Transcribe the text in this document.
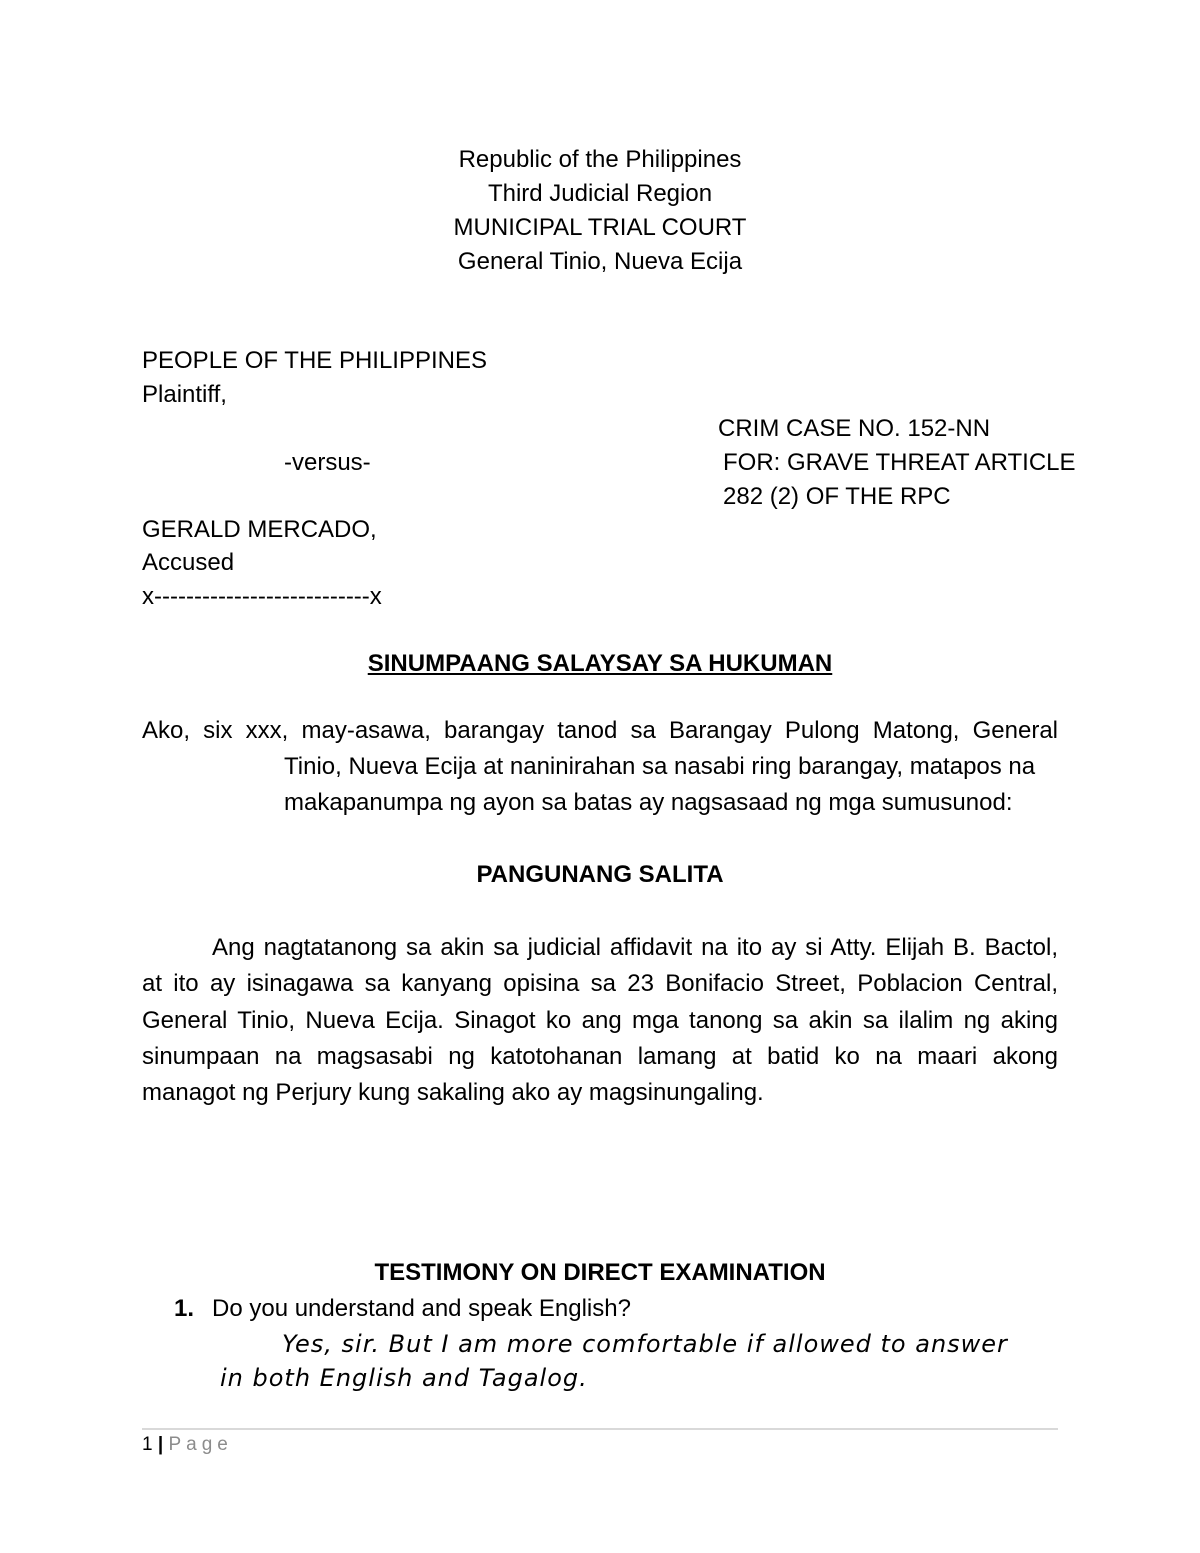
Republic of the Philippines

Third Judicial Region

MUNICIPAL TRIAL COURT

General Tinio, Nueva Ecija

PEOPLE OF THE PHILIPPINES

Plaintiff,

CRIM CASE NO. 152-NN

-versus-	FOR: GRAVE THREAT ARTICLE

282 (2) OF THE RPC

GERALD MERCADO,

Accused

x---------------------------x

SINUMPAANG SALAYSAY SA HUKUMAN

Ako, six xxx, may-asawa, barangay tanod sa Barangay Pulong Matong, General

Tinio, Nueva Ecija at naninirahan sa nasabi ring barangay, matapos na

makapanumpa ng ayon sa batas ay nagsasaad ng mga sumusunod:

PANGUNANG SALITA

Ang nagtatanong sa akin sa judicial affidavit na ito ay si Atty. Elijah B. Bactol,

at ito ay isinagawa sa kanyang opisina sa 23 Bonifacio Street, Poblacion Central,

General Tinio, Nueva Ecija. Sinagot ko ang mga tanong sa akin sa ilalim ng aking

sinumpaan na magsasabi ng katotohanan lamang at batid ko na maari akong

managot ng Perjury kung sakaling ako ay magsinungaling.

TESTIMONY ON DIRECT EXAMINATION

1. Do you understand and speak English?

Yes, sir. But I am more comfortable if allowed to answer

in both English and Tagalog.

1 | Page
